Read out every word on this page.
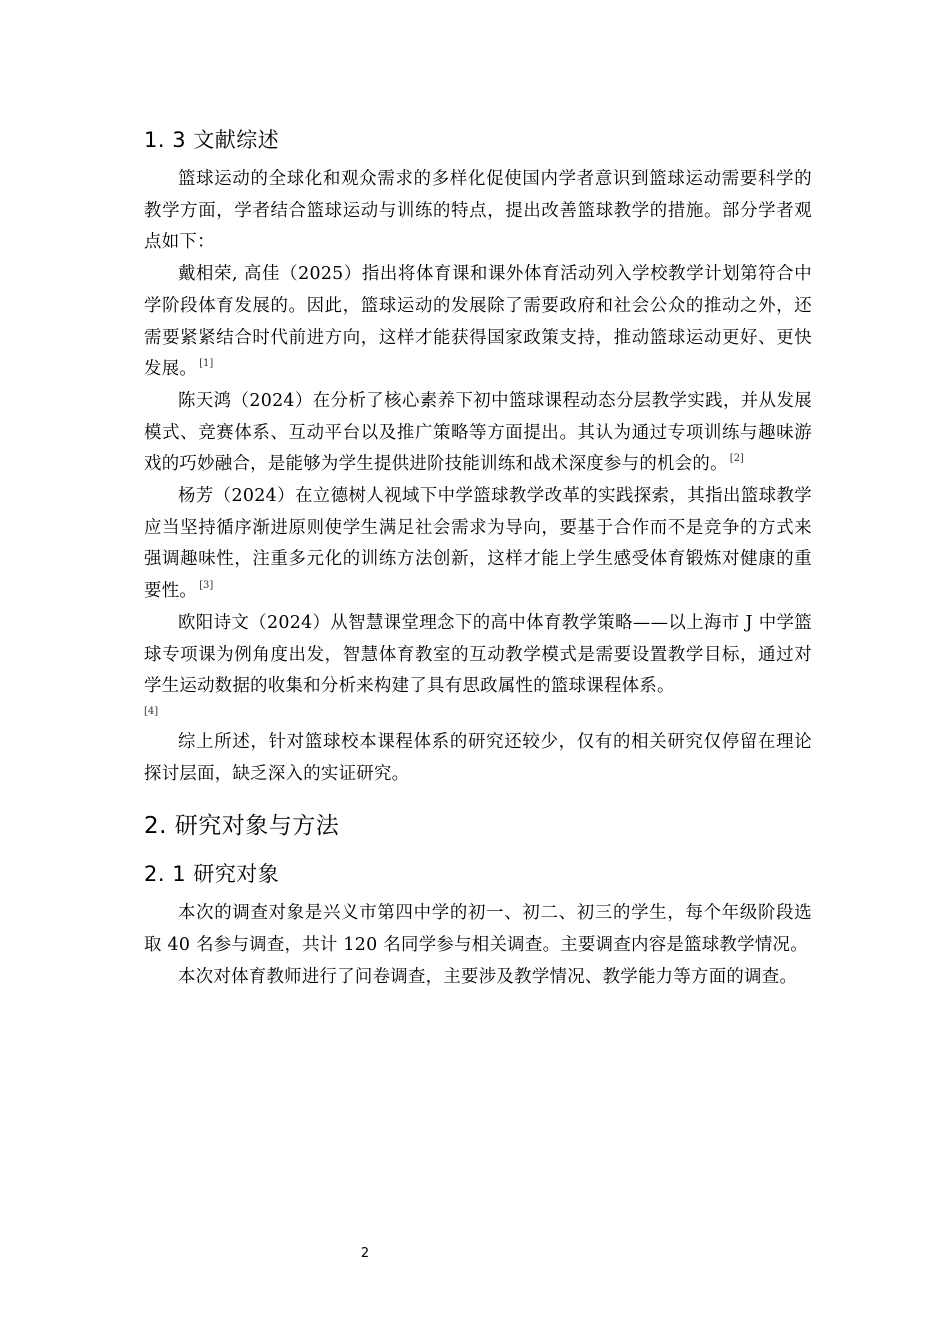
1. 3 文献综述

篮球运动的全球化和观众需求的多样化促使国内学者意识到篮球运动需要科学的教学方面，学者结合篮球运动与训练的特点，提出改善篮球教学的措施。部分学者观点如下：

戴相荣, 高佳（2025）指出将体育课和课外体育活动列入学校教学计划第符合中学阶段体育发展的。因此，篮球运动的发展除了需要政府和社会公众的推动之外，还需要紧紧结合时代前进方向，这样才能获得国家政策支持，推动篮球运动更好、更快发展。 [1]

陈天鸿（2024）在分析了核心素养下初中篮球课程动态分层教学实践，并从发展模式、竞赛体系、互动平台以及推广策略等方面提出。其认为通过专项训练与趣味游戏的巧妙融合，是能够为学生提供进阶技能训练和战术深度参与的机会的。 [2]

杨芳（2024）在立德树人视域下中学篮球教学改革的实践探索，其指出篮球教学应当坚持循序渐进原则使学生满足社会需求为导向，要基于合作而不是竞争的方式来强调趣味性，注重多元化的训练方法创新，这样才能上学生感受体育锻炼对健康的重要性。 [3]

欧阳诗文（2024）从智慧课堂理念下的高中体育教学策略——以上海市 J 中学篮球专项课为例角度出发，智慧体育教室的互动教学模式是需要设置教学目标，通过对学生运动数据的收集和分析来构建了具有思政属性的篮球课程体系。

[4]

综上所述，针对篮球校本课程体系的研究还较少，仅有的相关研究仅停留在理论探讨层面，缺乏深入的实证研究。

2. 研究对象与方法
2. 1 研究对象

本次的调查对象是兴义市第四中学的初一、初二、初三的学生，每个年级阶段选取 40 名参与调查，共计 120 名同学参与相关调查。主要调查内容是篮球教学情况。

本次对体育教师进行了问卷调查，主要涉及教学情况、教学能力等方面的调查。

2
